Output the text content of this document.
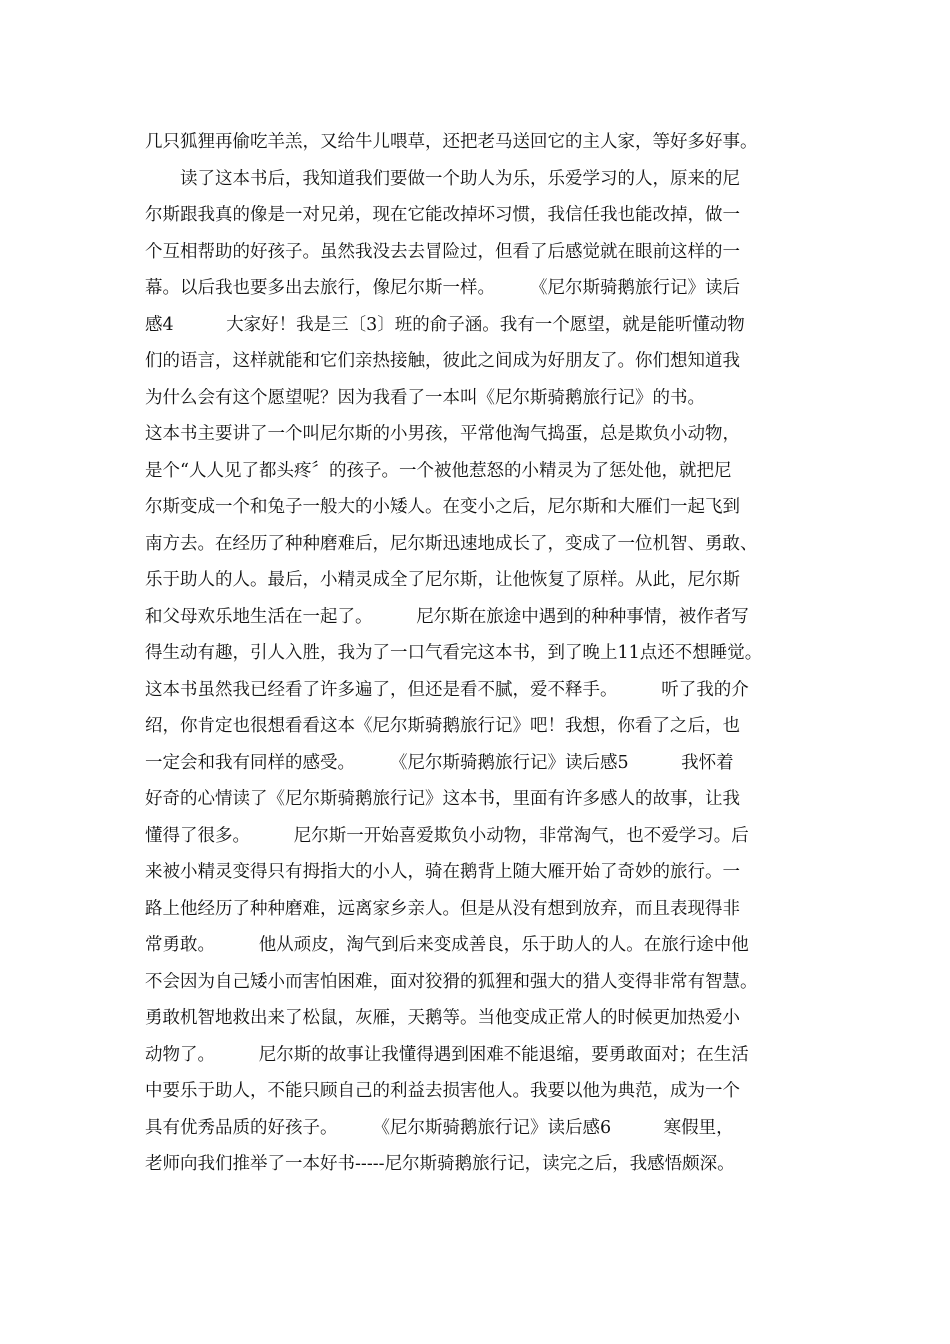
几只狐狸再偷吃羊羔，又给牛儿喂草，还把老马送回它的主人家，等好多好事。
　　读了这本书后，我知道我们要做一个助人为乐，乐爱学习的人，原来的尼
尔斯跟我真的像是一对兄弟，现在它能改掉坏习惯，我信任我也能改掉，做一
个互相帮助的好孩子。虽然我没去去冒险过，但看了后感觉就在眼前这样的一
幕。以后我也要多出去旅行，像尼尔斯一样。　　　《尼尔斯骑鹅旅行记》读后
感4　　　大家好！我是三〔3〕班的俞子涵。我有一个愿望，就是能听懂动物
们的语言，这样就能和它们亲热接触，彼此之间成为好朋友了。你们想知道我
为什么会有这个愿望呢？因为我看了一本叫《尼尔斯骑鹅旅行记》的书。
这本书主要讲了一个叫尼尔斯的小男孩，平常他淘气捣蛋，总是欺负小动物，
是个“人人见了都头疼〞的孩子。一个被他惹怒的小精灵为了惩处他，就把尼
尔斯变成一个和兔子一般大的小矮人。在变小之后，尼尔斯和大雁们一起飞到
南方去。在经历了种种磨难后，尼尔斯迅速地成长了，变成了一位机智、勇敢、
乐于助人的人。最后，小精灵成全了尼尔斯，让他恢复了原样。从此，尼尔斯
和父母欢乐地生活在一起了。　　　尼尔斯在旅途中遇到的种种事情，被作者写
得生动有趣，引人入胜，我为了一口气看完这本书，到了晚上11点还不想睡觉。
这本书虽然我已经看了许多遍了，但还是看不腻，爱不释手。　　　听了我的介
绍，你肯定也很想看看这本《尼尔斯骑鹅旅行记》吧！我想，你看了之后，也
一定会和我有同样的感受。　　　《尼尔斯骑鹅旅行记》读后感5　　　我怀着
好奇的心情读了《尼尔斯骑鹅旅行记》这本书，里面有许多感人的故事，让我
懂得了很多。　　　尼尔斯一开始喜爱欺负小动物，非常淘气，也不爱学习。后
来被小精灵变得只有拇指大的小人，骑在鹅背上随大雁开始了奇妙的旅行。一
路上他经历了种种磨难，远离家乡亲人。但是从没有想到放弃，而且表现得非
常勇敢。　　　他从顽皮，淘气到后来变成善良，乐于助人的人。在旅行途中他
不会因为自己矮小而害怕困难，面对狡猾的狐狸和强大的猎人变得非常有智慧。
勇敢机智地救出来了松鼠，灰雁，天鹅等。当他变成正常人的时候更加热爱小
动物了。　　　尼尔斯的故事让我懂得遇到困难不能退缩，要勇敢面对；在生活
中要乐于助人，不能只顾自己的利益去损害他人。我要以他为典范，成为一个
具有优秀品质的好孩子。　　　《尼尔斯骑鹅旅行记》读后感6　　　寒假里，
老师向我们推举了一本好书-----尼尔斯骑鹅旅行记，读完之后，我感悟颇深。
